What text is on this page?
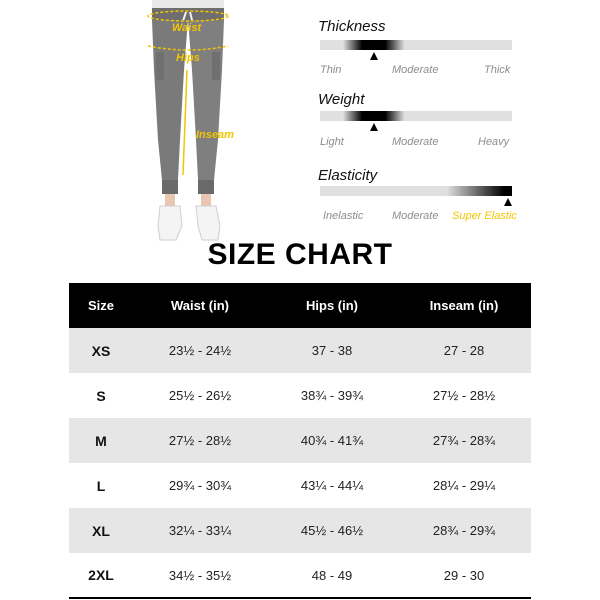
Waist
Hips
Inseam
Thickness
Thin	Moderate	Thick
Weight
Light	Moderate	Heavy
Elasticity
Inelastic	Moderate Super Elastic
SIZE CHART
Size	Waist (in)	Hips (in)	Inseam (in)
XS	23½ - 24½	37 - 38	27 - 28
S	25½ - 26½	38¾ - 39¾	27½ - 28½
M	27½ - 28½	40¾ - 41¾	27¾ - 28¾
L	29¾ - 30¾	43¼ - 44¼	28¼ - 29¼
XL	32¼ - 33¼	45½ - 46½	28¾ - 29¾
2XL	34½ - 35½	48 - 49	29 - 30
